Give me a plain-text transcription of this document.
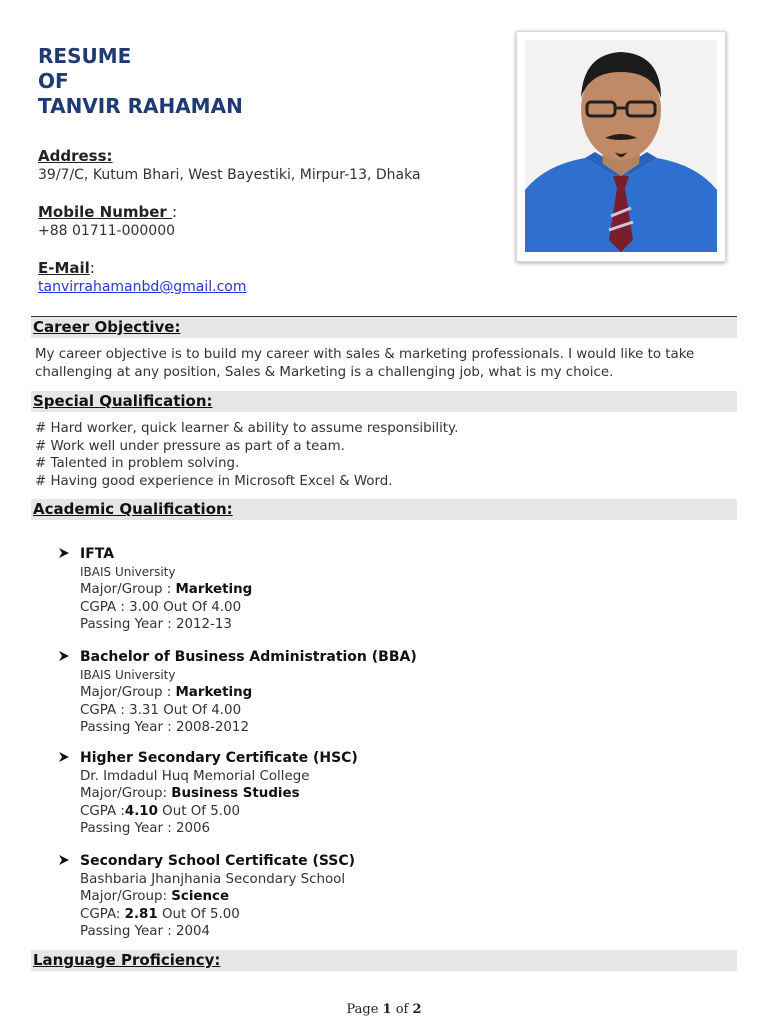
RESUME
OF
TANVIR RAHAMAN
Address:
39/7/C, Kutum Bhari, West Bayestiki, Mirpur-13, Dhaka
Mobile Number :
+88 01711-000000
E-Mail:
tanvirrahamanbd@gmail.com
Career Objective:
My career objective is to build my career with sales & marketing professionals. I would like to take
challenging at any position, Sales & Marketing is a challenging job, what is my choice.
Special Qualification:
# Hard worker, quick learner & ability to assume responsibility.
# Work well under pressure as part of a team.
# Talented in problem solving.
# Having good experience in Microsoft Excel & Word.
Academic Qualification:
IFTA
IBAIS University
Major/Group : Marketing
CGPA : 3.00 Out Of 4.00
Passing Year : 2012-13
Bachelor of Business Administration (BBA)
IBAIS University
Major/Group : Marketing
CGPA : 3.31 Out Of 4.00
Passing Year : 2008-2012
Higher Secondary Certificate (HSC)
Dr. Imdadul Huq Memorial College
Major/Group: Business Studies
CGPA :4.10 Out Of 5.00
Passing Year : 2006
Secondary School Certificate (SSC)
Bashbaria Jhanjhania Secondary School
Major/Group: Science
CGPA: 2.81 Out Of 5.00
Passing Year : 2004
Language Proficiency:
Page 1 of 2
